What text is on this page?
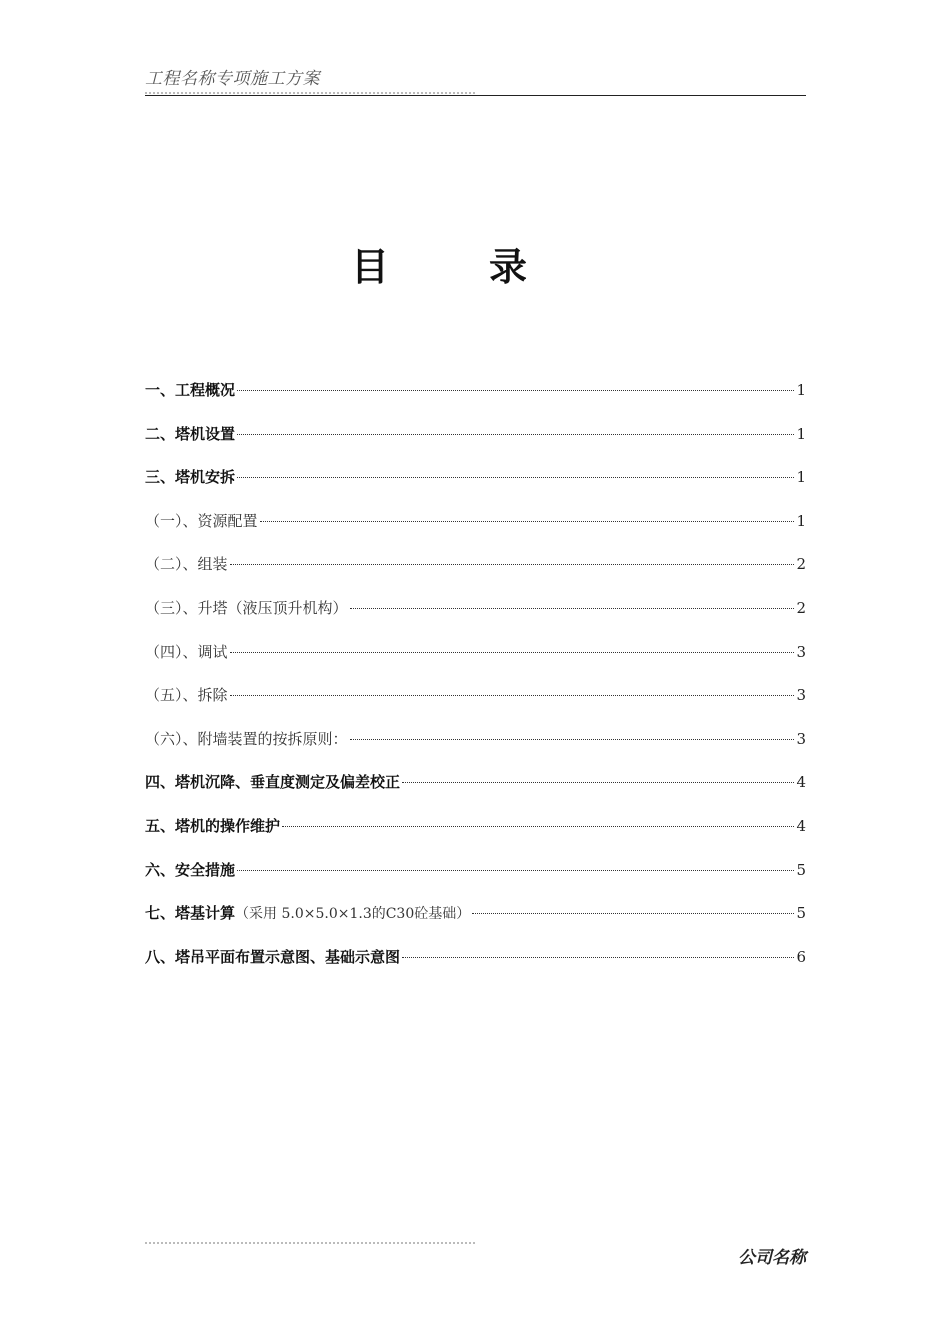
工程名称专项施工方案
目录
一、工程概况	1
二、塔机设置	1
三、塔机安拆	1
（一）、资源配置	1
（二）、组装	2
（三）、升塔（液压顶升机构）	2
（四）、调试	3
（五）、拆除	3
（六）、附墙装置的按拆原则：	3
四、塔机沉降、垂直度测定及偏差校正	4
五、塔机的操作维护	4
六、安全措施	5
七、塔基计算 （采用 5.0×5.0×1.3的C30砼基础）	5
八、塔吊平面布置示意图、基础示意图	6
公司名称
